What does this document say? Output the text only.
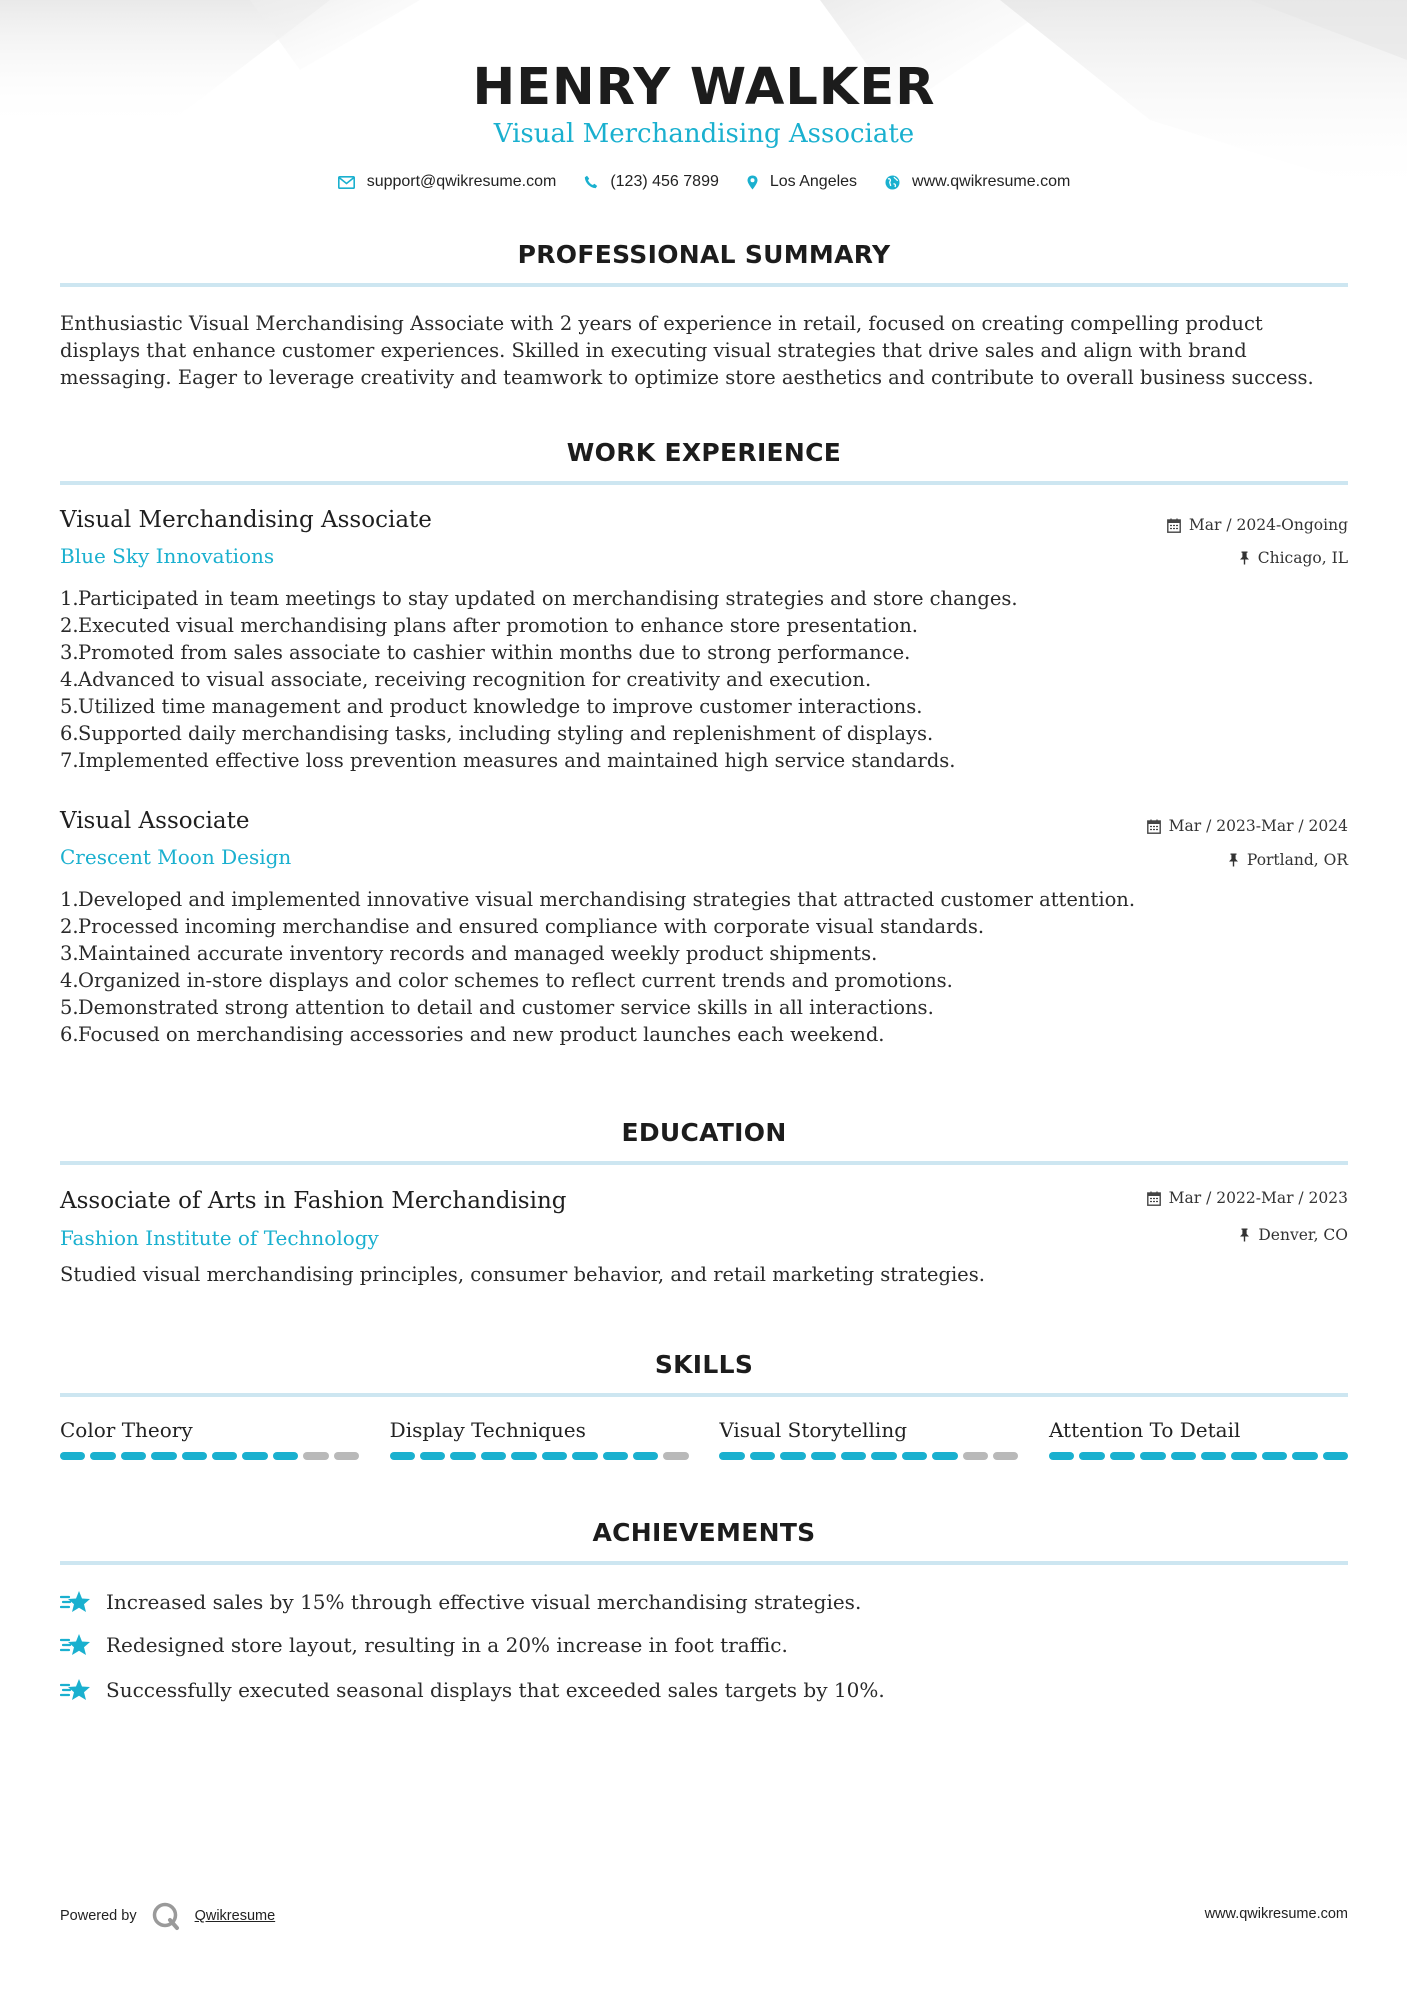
HENRY WALKER
Visual Merchandising Associate
support@qwikresume.com	(123) 456 7899	Los Angeles	www.qwikresume.com
PROFESSIONAL SUMMARY
Enthusiastic Visual Merchandising Associate with 2 years of experience in retail, focused on creating compelling product displays that enhance customer experiences. Skilled in executing visual strategies that drive sales and align with brand messaging. Eager to leverage creativity and teamwork to optimize store aesthetics and contribute to overall business success.
WORK EXPERIENCE
Visual Merchandising Associate
Blue Sky Innovations
Mar / 2024-Ongoing
Chicago, IL
1. Participated in team meetings to stay updated on merchandising strategies and store changes.
2. Executed visual merchandising plans after promotion to enhance store presentation.
3. Promoted from sales associate to cashier within months due to strong performance.
4. Advanced to visual associate, receiving recognition for creativity and execution.
5. Utilized time management and product knowledge to improve customer interactions.
6. Supported daily merchandising tasks, including styling and replenishment of displays.
7. Implemented effective loss prevention measures and maintained high service standards.
Visual Associate
Crescent Moon Design
Mar / 2023-Mar / 2024
Portland, OR
1. Developed and implemented innovative visual merchandising strategies that attracted customer attention.
2. Processed incoming merchandise and ensured compliance with corporate visual standards.
3. Maintained accurate inventory records and managed weekly product shipments.
4. Organized in-store displays and color schemes to reflect current trends and promotions.
5. Demonstrated strong attention to detail and customer service skills in all interactions.
6. Focused on merchandising accessories and new product launches each weekend.
EDUCATION
Associate of Arts in Fashion Merchandising
Fashion Institute of Technology
Mar / 2022-Mar / 2023
Denver, CO
Studied visual merchandising principles, consumer behavior, and retail marketing strategies.
SKILLS
Color Theory	Display Techniques	Visual Storytelling	Attention To Detail
ACHIEVEMENTS
Increased sales by 15% through effective visual merchandising strategies.
Redesigned store layout, resulting in a 20% increase in foot traffic.
Successfully executed seasonal displays that exceeded sales targets by 10%.
Powered by	Qwikresume	www.qwikresume.com
